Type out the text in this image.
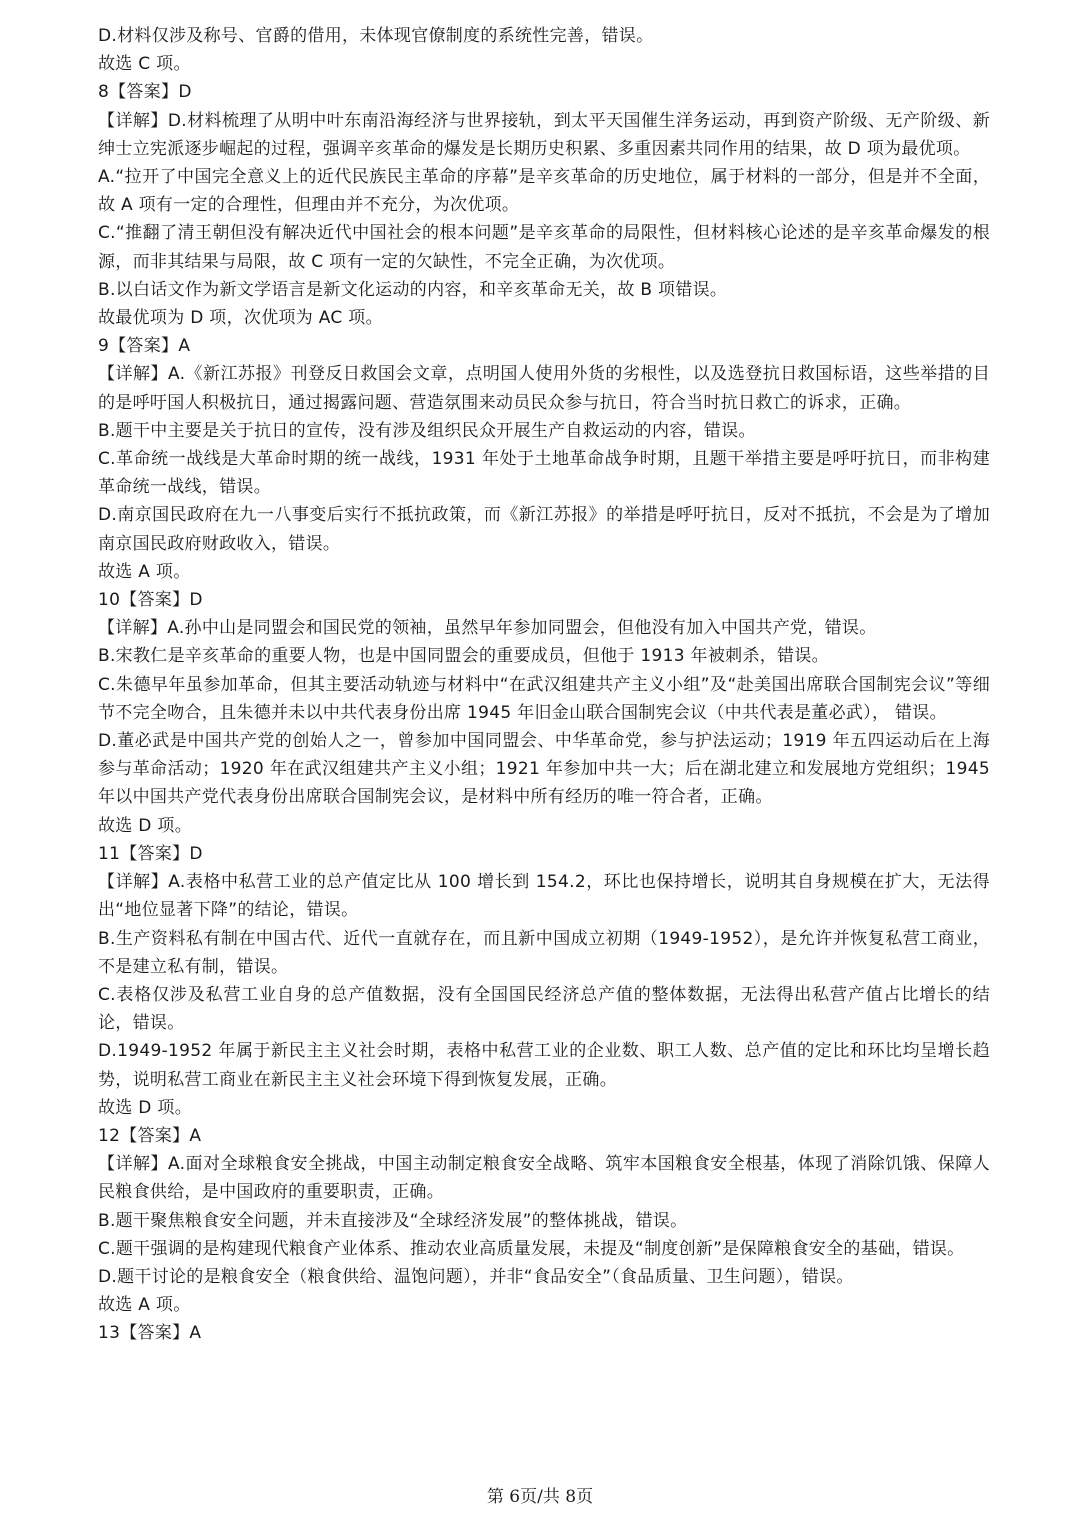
D.材料仅涉及称号、官爵的借用，未体现官僚制度的系统性完善，错误。
故选 C 项。
8【答案】D
【详解】D.材料梳理了从明中叶东南沿海经济与世界接轨，到太平天国催生洋务运动，再到资产阶级、无产阶级、新绅士立宪派逐步崛起的过程，强调辛亥革命的爆发是长期历史积累、多重因素共同作用的结果，故 D 项为最优项。
A.“拉开了中国完全意义上的近代民族民主革命的序幕”是辛亥革命的历史地位，属于材料的一部分，但是并不全面，故 A 项有一定的合理性，但理由并不充分，为次优项。
C.“推翻了清王朝但没有解决近代中国社会的根本问题”是辛亥革命的局限性，但材料核心论述的是辛亥革命爆发的根源，而非其结果与局限，故 C 项有一定的欠缺性，不完全正确，为次优项。
B.以白话文作为新文学语言是新文化运动的内容，和辛亥革命无关，故 B 项错误。
故最优项为 D 项，次优项为 AC 项。
9【答案】A
【详解】A.《新江苏报》刊登反日救国会文章，点明国人使用外货的劣根性，以及选登抗日救国标语，这些举措的目的是呼吁国人积极抗日，通过揭露问题、营造氛围来动员民众参与抗日，符合当时抗日救亡的诉求，正确。
B.题干中主要是关于抗日的宣传，没有涉及组织民众开展生产自救运动的内容，错误。
C.革命统一战线是大革命时期的统一战线，1931 年处于土地革命战争时期，且题干举措主要是呼吁抗日，而非构建革命统一战线，错误。
D.南京国民政府在九一八事变后实行不抵抗政策，而《新江苏报》的举措是呼吁抗日，反对不抵抗，不会是为了增加南京国民政府财政收入，错误。
故选 A 项。
10【答案】D
【详解】A.孙中山是同盟会和国民党的领袖，虽然早年参加同盟会，但他没有加入中国共产党，错误。
B.宋教仁是辛亥革命的重要人物，也是中国同盟会的重要成员，但他于 1913 年被刺杀，错误。
C.朱德早年虽参加革命，但其主要活动轨迹与材料中“在武汉组建共产主义小组”及“赴美国出席联合国制宪会议”等细节不完全吻合，且朱德并未以中共代表身份出席 1945 年旧金山联合国制宪会议（中共代表是董必武）， 错误。
D.董必武是中国共产党的创始人之一，曾参加中国同盟会、中华革命党，参与护法运动；1919 年五四运动后在上海参与革命活动；1920 年在武汉组建共产主义小组；1921 年参加中共一大；后在湖北建立和发展地方党组织；1945 年以中国共产党代表身份出席联合国制宪会议，是材料中所有经历的唯一符合者，正确。
故选 D 项。
11【答案】D
【详解】A.表格中私营工业的总产值定比从 100 增长到 154.2，环比也保持增长，说明其自身规模在扩大，无法得出“地位显著下降”的结论，错误。
B.生产资料私有制在中国古代、近代一直就存在，而且新中国成立初期（1949-1952），是允许并恢复私营工商业，不是建立私有制，错误。
C.表格仅涉及私营工业自身的总产值数据，没有全国国民经济总产值的整体数据，无法得出私营产值占比增长的结论，错误。
D.1949-1952 年属于新民主主义社会时期，表格中私营工业的企业数、职工人数、总产值的定比和环比均呈增长趋势，说明私营工商业在新民主主义社会环境下得到恢复发展，正确。
故选 D 项。
12【答案】A
【详解】A.面对全球粮食安全挑战，中国主动制定粮食安全战略、筑牢本国粮食安全根基，体现了消除饥饿、保障人民粮食供给，是中国政府的重要职责，正确。
B.题干聚焦粮食安全问题，并未直接涉及“全球经济发展”的整体挑战，错误。
C.题干强调的是构建现代粮食产业体系、推动农业高质量发展，未提及“制度创新”是保障粮食安全的基础，错误。
D.题干讨论的是粮食安全（粮食供给、温饱问题），并非“食品安全”（食品质量、卫生问题），错误。
故选 A 项。
13【答案】A
第 6页/共 8页
